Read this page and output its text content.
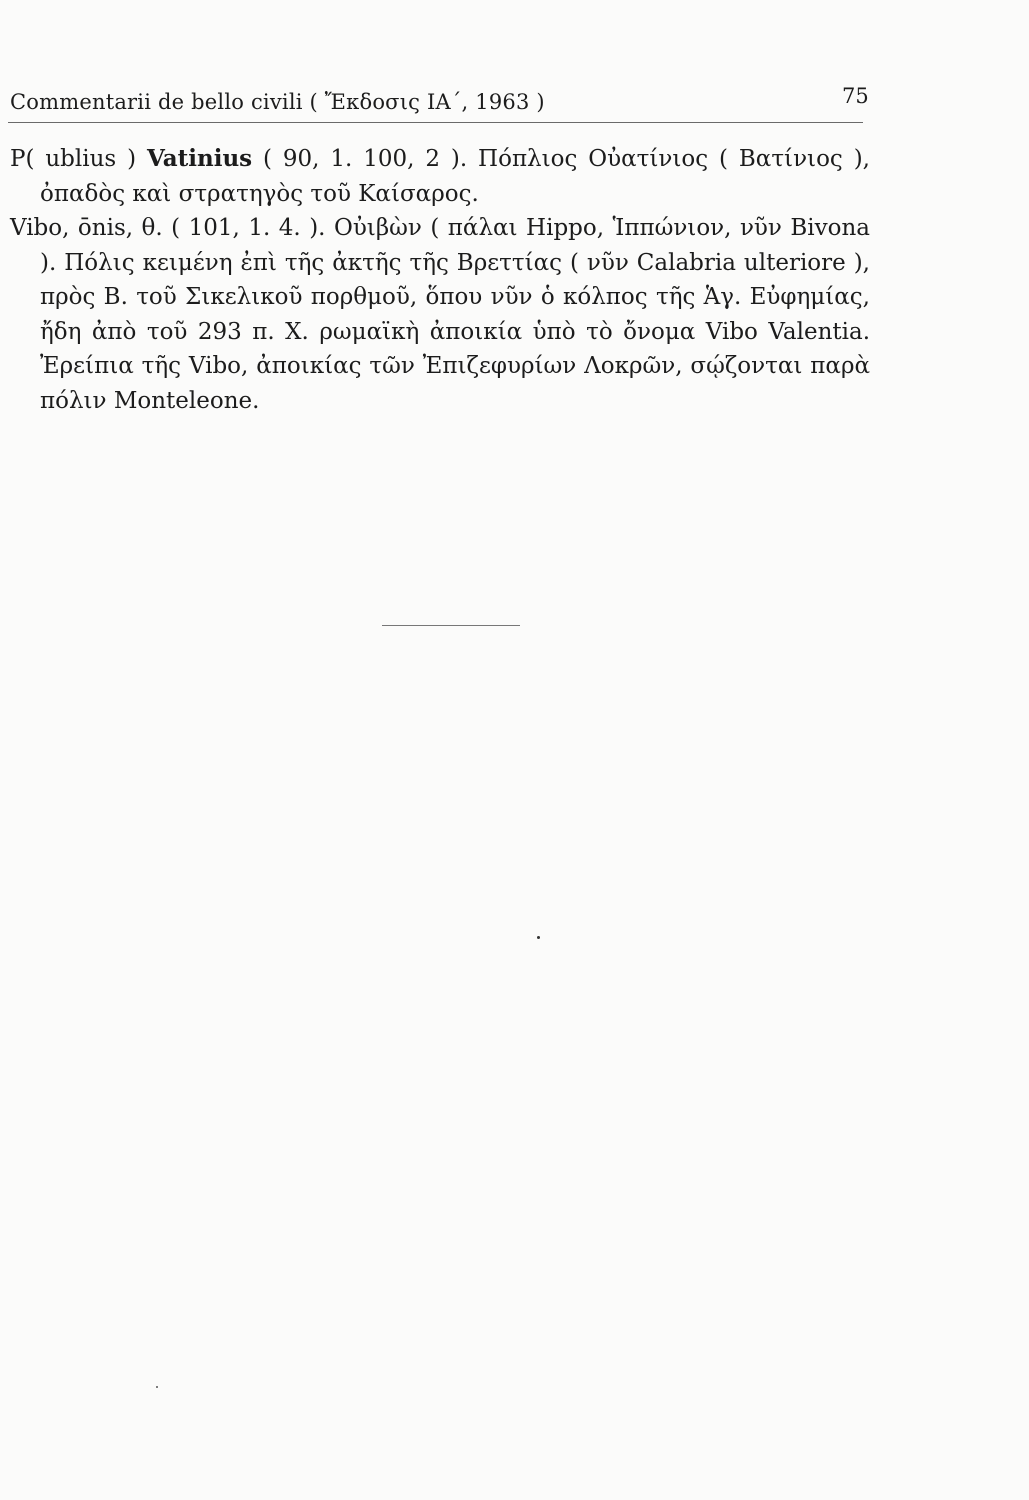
Commentarii de bello civili ( Ἔκδοσις ΙΑ΄, 1963 )	75

P( ublius ) Vatinius ( 90, 1. 100, 2 ). Πόπλιος Οὐατίνιος ( Βατίνιος ), ὀπαδὸς καὶ στρατηγὸς τοῦ Καίσαρος.

Vibo, ōnis, θ. ( 101, 1. 4. ). Οὐιβὼν ( πάλαι Hippo, Ἱππώνιον, νῦν Bivona ). Πόλις κειμένη ἐπὶ τῆς ἀκτῆς τῆς Βρεττίας ( νῦν Calabria ulteriore ), πρὸς Β. τοῦ Σικελικοῦ πορθμοῦ, ὅπου νῦν ὁ κόλπος τῆς Ἁγ. Εὐφημίας, ἤδη ἀπὸ τοῦ 293 π. Χ. ρωμαϊκὴ ἀποικία ὑπὸ τὸ ὄνομα Vibo Valentia. Ἐρείπια τῆς Vibo, ἀποικίας τῶν Ἐπιζεφυρίων Λοκρῶν, σῴζονται παρὰ πόλιν Monteleone.
